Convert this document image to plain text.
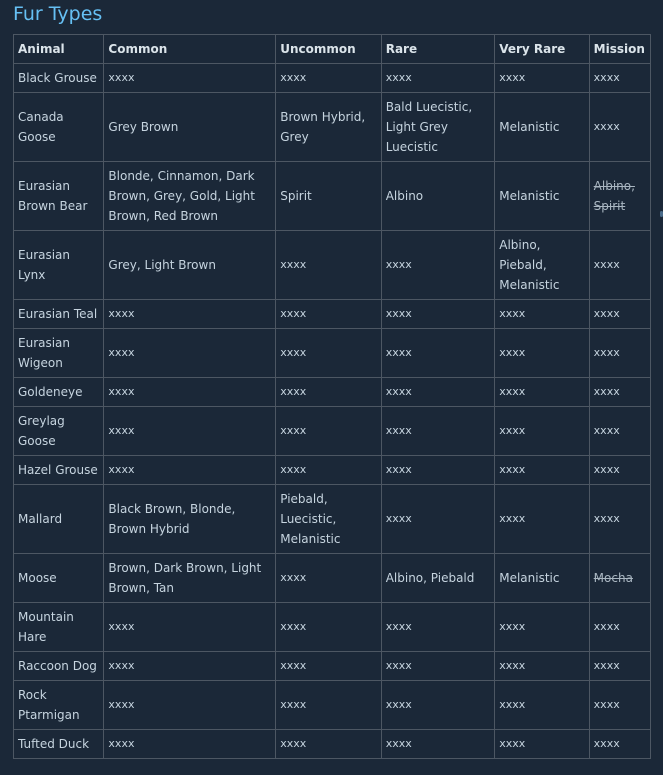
Fur Types
Animal	Common	Uncommon	Rare	Very Rare	Mission
Black Grouse	xxxx	xxxx	xxxx	xxxx	xxxx
Canada Goose	Grey Brown	Brown Hybrid, Grey	Bald Luecistic, Light Grey Luecistic	Melanistic	xxxx
Eurasian Brown Bear	Blonde, Cinnamon, Dark Brown, Grey, Gold, Light Brown, Red Brown	Spirit	Albino	Melanistic	Albino, Spirit
Eurasian Lynx	Grey, Light Brown	xxxx	xxxx	Albino, Piebald, Melanistic	xxxx
Eurasian Teal	xxxx	xxxx	xxxx	xxxx	xxxx
Eurasian Wigeon	xxxx	xxxx	xxxx	xxxx	xxxx
Goldeneye	xxxx	xxxx	xxxx	xxxx	xxxx
Greylag Goose	xxxx	xxxx	xxxx	xxxx	xxxx
Hazel Grouse	xxxx	xxxx	xxxx	xxxx	xxxx
Mallard	Black Brown, Blonde, Brown Hybrid	Piebald, Luecistic, Melanistic	xxxx	xxxx	xxxx
Moose	Brown, Dark Brown, Light Brown, Tan	xxxx	Albino, Piebald	Melanistic	Mocha
Mountain Hare	xxxx	xxxx	xxxx	xxxx	xxxx
Raccoon Dog	xxxx	xxxx	xxxx	xxxx	xxxx
Rock Ptarmigan	xxxx	xxxx	xxxx	xxxx	xxxx
Tufted Duck	xxxx	xxxx	xxxx	xxxx	xxxx
